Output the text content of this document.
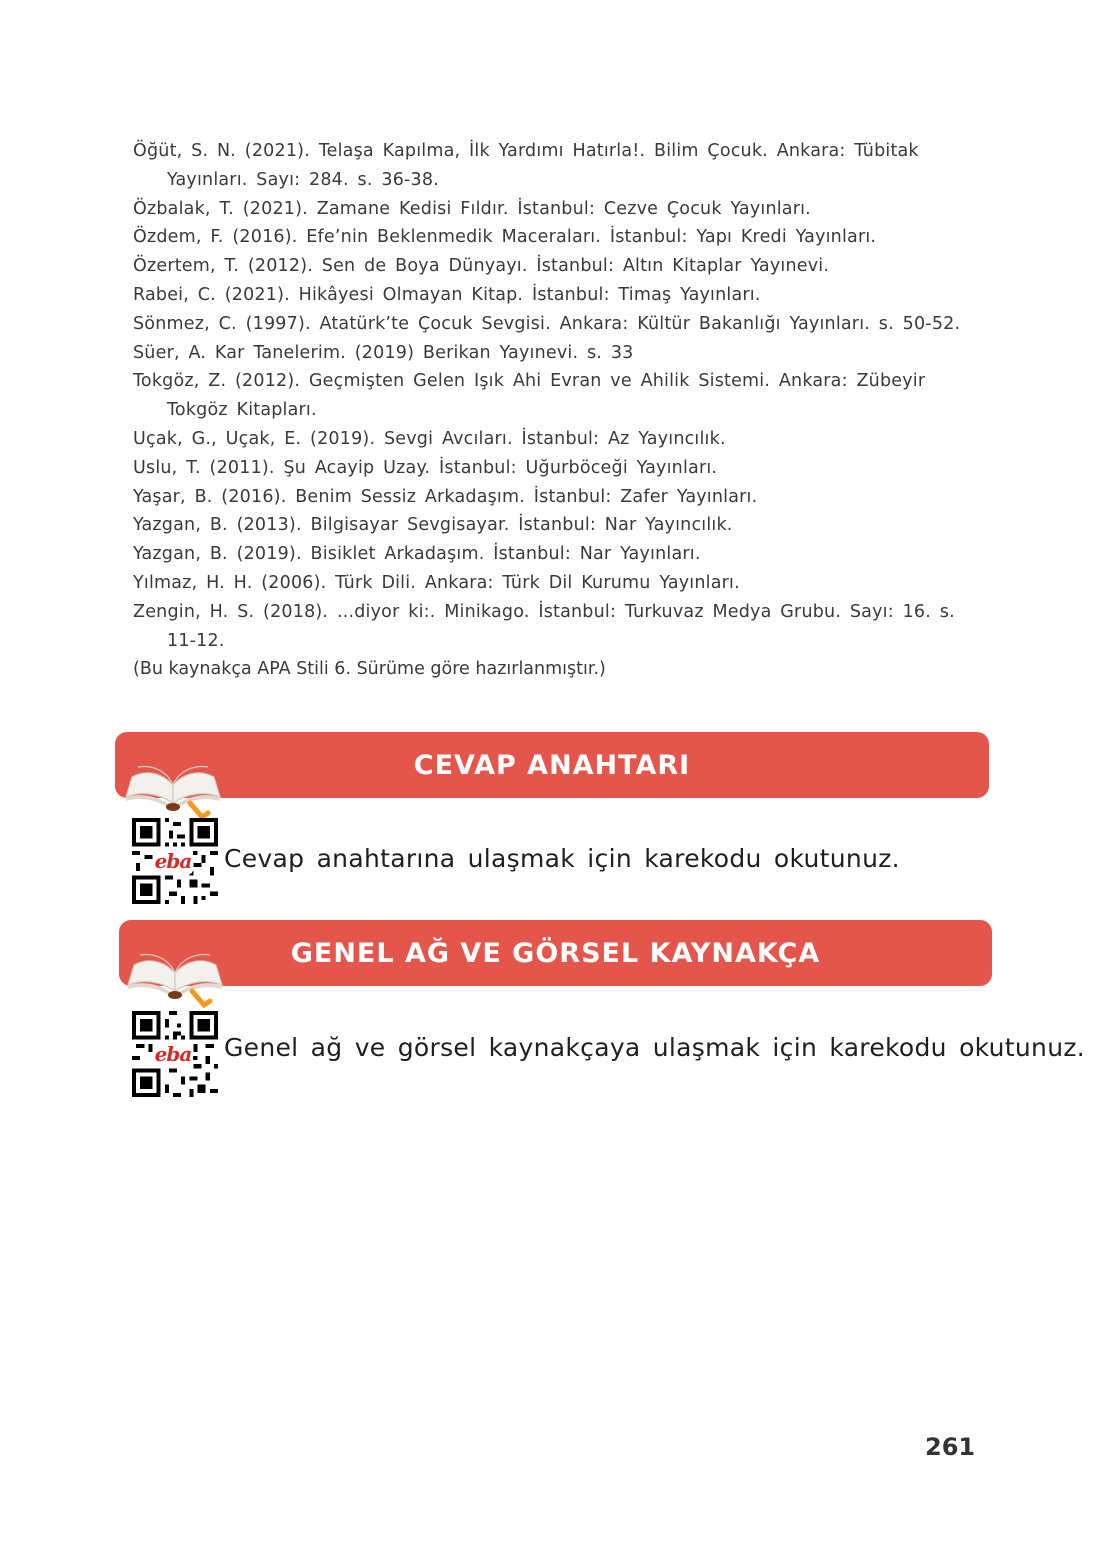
Öğüt, S. N. (2021). Telaşa Kapılma, İlk Yardımı Hatırla!. Bilim Çocuk. Ankara: Tübitak Yayınları. Sayı: 284. s. 36-38.
Özbalak, T. (2021). Zamane Kedisi Fıldır. İstanbul: Cezve Çocuk Yayınları.
Özdem, F. (2016). Efe’nin Beklenmedik Maceraları. İstanbul: Yapı Kredi Yayınları.
Özertem, T. (2012). Sen de Boya Dünyayı. İstanbul: Altın Kitaplar Yayınevi.
Rabei, C. (2021). Hikâyesi Olmayan Kitap. İstanbul: Timaş Yayınları.
Sönmez, C. (1997). Atatürk’te Çocuk Sevgisi. Ankara: Kültür Bakanlığı Yayınları. s. 50-52.
Süer, A. Kar Tanelerim. (2019) Berikan Yayınevi. s. 33
Tokgöz, Z. (2012). Geçmişten Gelen Işık Ahi Evran ve Ahilik Sistemi. Ankara: Zübeyir Tokgöz Kitapları.
Uçak, G., Uçak, E. (2019). Sevgi Avcıları. İstanbul: Az Yayıncılık.
Uslu, T. (2011). Şu Acayip Uzay. İstanbul: Uğurböceği Yayınları.
Yaşar, B. (2016). Benim Sessiz Arkadaşım. İstanbul: Zafer Yayınları.
Yazgan, B. (2013). Bilgisayar Sevgisayar. İstanbul: Nar Yayıncılık.
Yazgan, B. (2019). Bisiklet Arkadaşım. İstanbul: Nar Yayınları.
Yılmaz, H. H. (2006). Türk Dili. Ankara: Türk Dil Kurumu Yayınları.
Zengin, H. S. (2018). ...diyor ki:. Minikago. İstanbul: Turkuvaz Medya Grubu. Sayı: 16. s. 11-12.
(Bu kaynakça APA Stili 6. Sürüme göre hazırlanmıştır.)
CEVAP ANAHTARI
eba Cevap anahtarına ulaşmak için karekodu okutunuz.
GENEL AĞ VE GÖRSEL KAYNAKÇA
eba Genel ağ ve görsel kaynakçaya ulaşmak için karekodu okutunuz.
261
